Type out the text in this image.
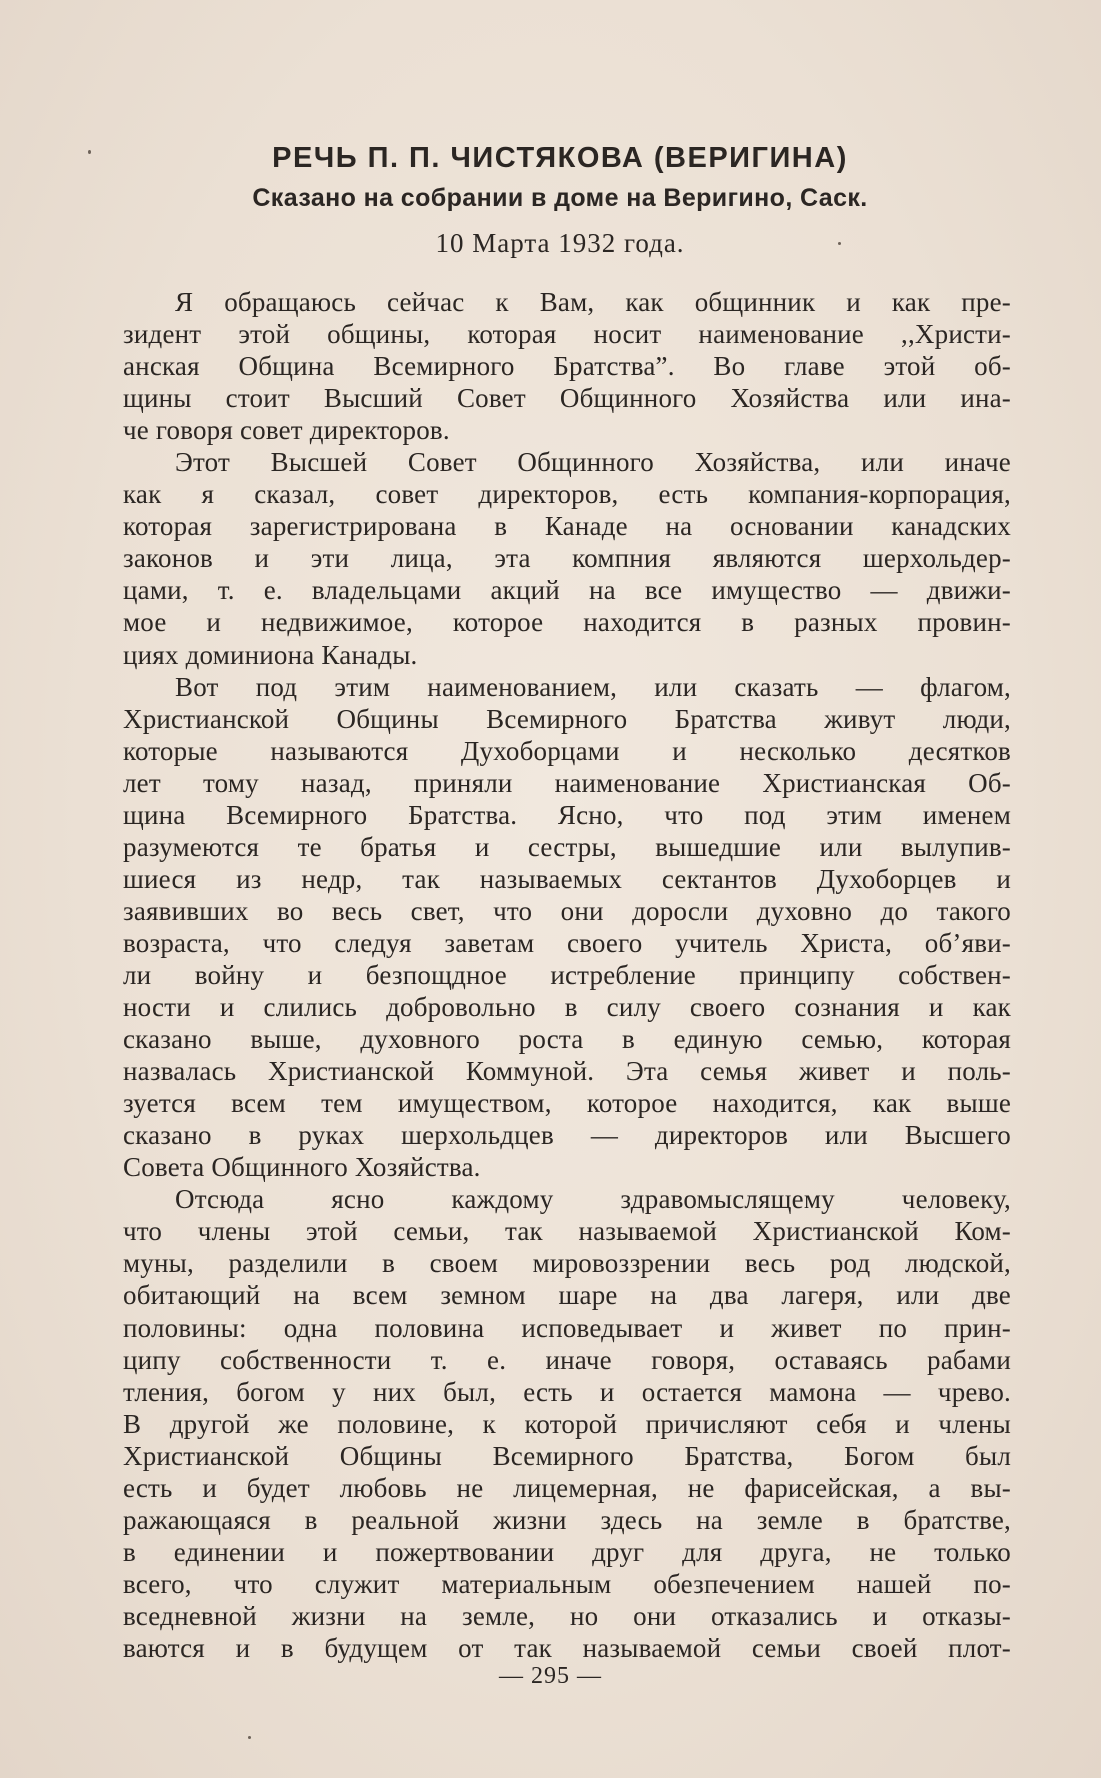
РЕЧЬ П. П. ЧИСТЯКОВА (ВЕРИГИНА)
Сказано на собрании в доме на Веригино, Саск.
10 Марта 1932 года.
Я обращаюсь сейчас к Вам, как общинник и как пре-
зидент этой общины, которая носит наименование ,,Христи-
анская Община Всемирного Братства”. Во главе этой об-
щины стоит Высший Совет Общинного Хозяйства или ина-
че говоря совет директоров.
Этот Высшей Совет Общинного Хозяйства, или иначе
как я сказал, совет директоров, есть компания-корпорация,
которая зарегистрирована в Канаде на основании канадских
законов и эти лица, эта компния являются шерхольдер-
цами, т. е. владельцами акций на все имущество — движи-
мое и недвижимое, которое находится в разных провин-
циях доминиона Канады.
Вот под этим наименованием, или сказать — флагом,
Христианской Общины Всемирного Братства живут люди,
которые называются Духоборцами и несколько десятков
лет тому назад, приняли наименование Христианская Об-
щина Всемирного Братства. Ясно, что под этим именем
разумеются те братья и сестры, вышедшие или вылупив-
шиеся из недр, так называемых сектантов Духоборцев и
заявивших во весь свет, что они доросли духовно до такого
возраста, что следуя заветам своего учитель Христа, об’яви-
ли войну и безпощдное истребление принципу собствен-
ности и слились добровольно в силу своего сознания и как
сказано выше, духовного роста в единую семью, которая
назвалась Христианской Коммуной. Эта семья живет и поль-
зуется всем тем имуществом, которое находится, как выше
сказано в руках шерхольдцев — директоров или Высшего
Совета Общинного Хозяйства.
Отсюда ясно каждому здравомыслящему человеку,
что члены этой семьи, так называемой Христианской Ком-
муны, разделили в своем мировоззрении весь род людской,
обитающий на всем земном шаре на два лагеря, или две
половины: одна половина исповедывает и живет по прин-
ципу собственности т. е. иначе говоря, оставаясь рабами
тления, богом у них был, есть и остается мамона — чрево.
В другой же половине, к которой причисляют себя и члены
Христианской Общины Всемирного Братства, Богом был
есть и будет любовь не лицемерная, не фарисейская, а вы-
ражающаяся в реальной жизни здесь на земле в братстве,
в единении и пожертвовании друг для друга, не только
всего, что служит материальным обезпечением нашей по-
вседневной жизни на земле, но они отказались и отказы-
ваются и в будущем от так называемой семьи своей плот-
— 295 —
